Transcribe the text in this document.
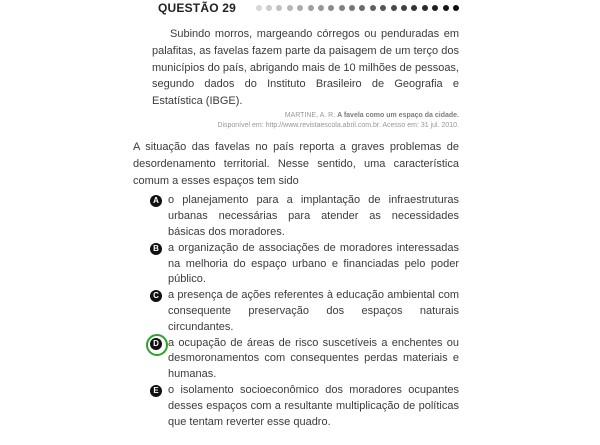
QUESTÃO 29
Subindo morros, margeando córregos ou penduradas em palafitas, as favelas fazem parte da paisagem de um terço dos municípios do país, abrigando mais de 10 milhões de pessoas, segundo dados do Instituto Brasileiro de Geografia e Estatística (IBGE).
MARTINE, A. R. A favela como um espaço da cidade.
Disponível em: http://www.revistaescola.abril.com.br. Acesso em: 31 jul. 2010.
A situação das favelas no país reporta a graves problemas de desordenamento territorial. Nesse sentido, uma característica comum a esses espaços tem sido
A o planejamento para a implantação de infraestruturas urbanas necessárias para atender as necessidades básicas dos moradores.
B a organização de associações de moradores interessadas na melhoria do espaço urbano e financiadas pelo poder público.
C a presença de ações referentes à educação ambiental com consequente preservação dos espaços naturais circundantes.
D a ocupação de áreas de risco suscetíveis a enchentes ou desmoronamentos com consequentes perdas materiais e humanas.
E o isolamento socioeconômico dos moradores ocupantes desses espaços com a resultante multiplicação de políticas que tentam reverter esse quadro.
